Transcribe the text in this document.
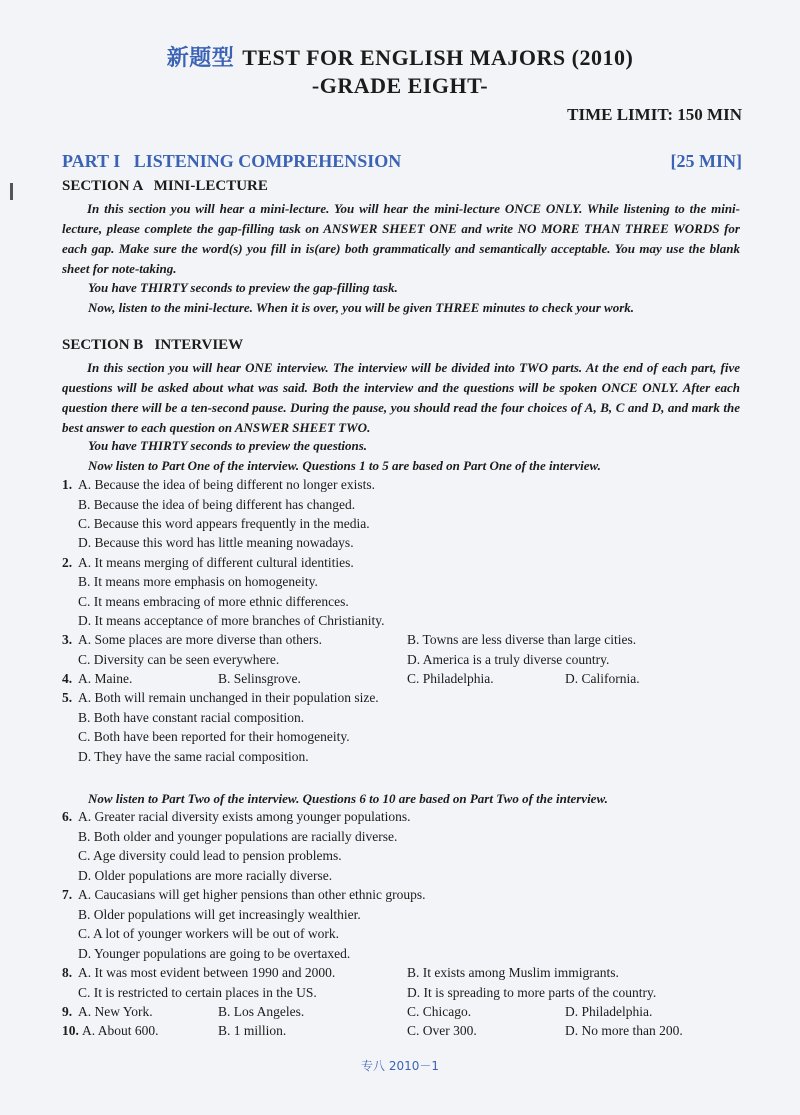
新题型 TEST FOR ENGLISH MAJORS (2010)
-GRADE EIGHT-
TIME LIMIT: 150 MIN
PART I   LISTENING COMPREHENSION	[25 MIN]
SECTION A   MINI-LECTURE
In this section you will hear a mini-lecture. You will hear the mini-lecture ONCE ONLY. While listening to the mini-lecture, please complete the gap-filling task on ANSWER SHEET ONE and write NO MORE THAN THREE WORDS for each gap. Make sure the word(s) you fill in is(are) both grammatically and semantically acceptable. You may use the blank sheet for note-taking.
You have THIRTY seconds to preview the gap-filling task.
Now, listen to the mini-lecture. When it is over, you will be given THREE minutes to check your work.
SECTION B   INTERVIEW
In this section you will hear ONE interview. The interview will be divided into TWO parts. At the end of each part, five questions will be asked about what was said. Both the interview and the questions will be spoken ONCE ONLY. After each question there will be a ten-second pause. During the pause, you should read the four choices of A, B, C and D, and mark the best answer to each question on ANSWER SHEET TWO.
You have THIRTY seconds to preview the questions.
Now listen to Part One of the interview. Questions 1 to 5 are based on Part One of the interview.
1. A. Because the idea of being different no longer exists.
B. Because the idea of being different has changed.
C. Because this word appears frequently in the media.
D. Because this word has little meaning nowadays.
2. A. It means merging of different cultural identities.
B. It means more emphasis on homogeneity.
C. It means embracing of more ethnic differences.
D. It means acceptance of more branches of Christianity.
3. A. Some places are more diverse than others.	B. Towns are less diverse than large cities.
C. Diversity can be seen everywhere.	D. America is a truly diverse country.
4. A. Maine.	B. Selinsgrove.	C. Philadelphia.	D. California.
5. A. Both will remain unchanged in their population size.
B. Both have constant racial composition.
C. Both have been reported for their homogeneity.
D. They have the same racial composition.
Now listen to Part Two of the interview. Questions 6 to 10 are based on Part Two of the interview.
6. A. Greater racial diversity exists among younger populations.
B. Both older and younger populations are racially diverse.
C. Age diversity could lead to pension problems.
D. Older populations are more racially diverse.
7. A. Caucasians will get higher pensions than other ethnic groups.
B. Older populations will get increasingly wealthier.
C. A lot of younger workers will be out of work.
D. Younger populations are going to be overtaxed.
8. A. It was most evident between 1990 and 2000.	B. It exists among Muslim immigrants.
C. It is restricted to certain places in the US.	D. It is spreading to more parts of the country.
9. A. New York.	B. Los Angeles.	C. Chicago.	D. Philadelphia.
10. A. About 600.	B. 1 million.	C. Over 300.	D. No more than 200.
专八 2010－1
